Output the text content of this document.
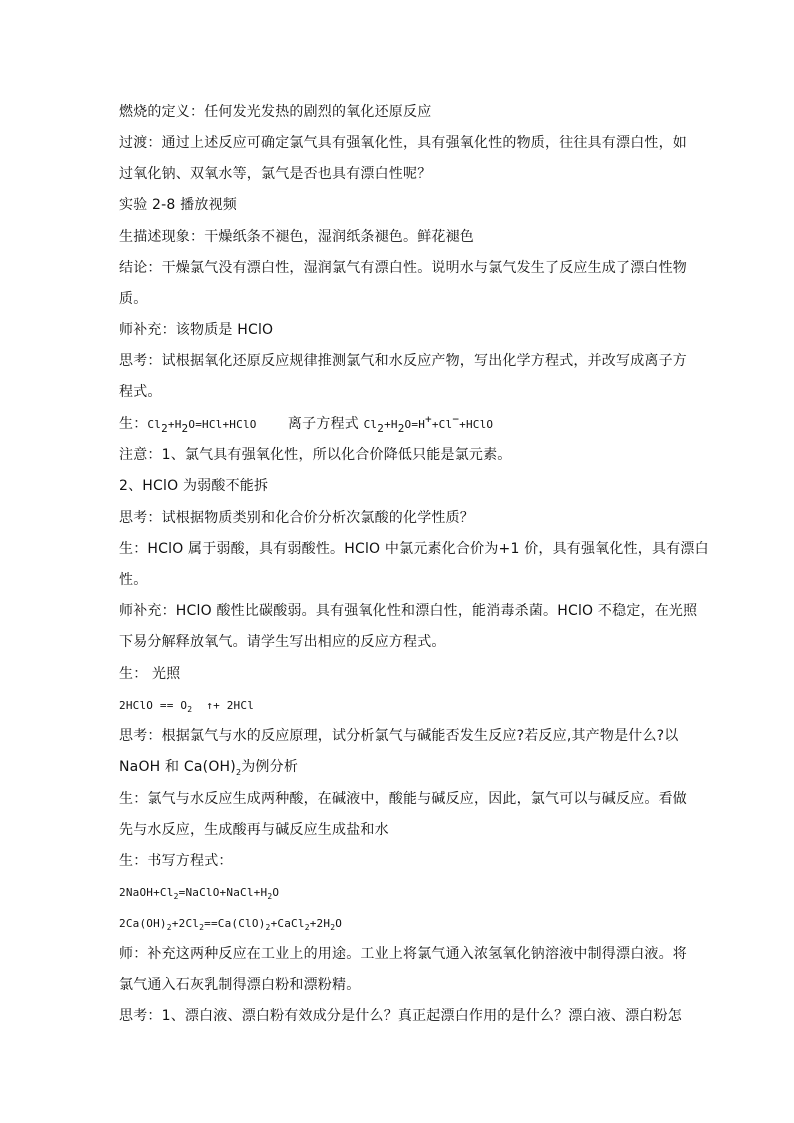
燃烧的定义：任何发光发热的剧烈的氧化还原反应
过渡：通过上述反应可确定氯气具有强氧化性，具有强氧化性的物质，往往具有漂白性，如
过氧化钠、双氧水等，氯气是否也具有漂白性呢？
实验 2-8 播放视频
生描述现象：干燥纸条不褪色，湿润纸条褪色。鲜花褪色
结论：干燥氯气没有漂白性，湿润氯气有漂白性。说明水与氯气发生了反应生成了漂白性物
质。
师补充：该物质是 HClO
思考：试根据氧化还原反应规律推测氯气和水反应产物，写出化学方程式，并改写成离子方
程式。
生：$Cl_2+H_2O=HCl+HClO$ 离子方程式 $Cl_2+H_2O=H^++Cl^-+HClO$
注意：1、氯气具有强氧化性，所以化合价降低只能是氯元素。
2、HClO 为弱酸不能拆
思考：试根据物质类别和化合价分析次氯酸的化学性质？
生：HClO 属于弱酸，具有弱酸性。HClO 中氯元素化合价为+1 价，具有强氧化性，具有漂白
性。
师补充：HClO 酸性比碳酸弱。具有强氧化性和漂白性，能消毒杀菌。HClO 不稳定，在光照
下易分解释放氧气。请学生写出相应的反应方程式。
生： 光照
2HClO == $O_2$ ↑+ 2HCl
思考：根据氯气与水的反应原理，试分析氯气与碱能否发生反应?若反应,其产物是什么?以
NaOH 和 $Ca(OH)_2$为例分析
生：氯气与水反应生成两种酸，在碱液中，酸能与碱反应，因此，氯气可以与碱反应。看做
先与水反应，生成酸再与碱反应生成盐和水
生：书写方程式：
$2NaOH+Cl_2=NaClO+NaCl+H_2O$
$2Ca(OH)_2+2Cl_2==Ca(ClO)_2+CaCl_2+2H_2O$
师：补充这两种反应在工业上的用途。工业上将氯气通入浓氢氧化钠溶液中制得漂白液。将
氯气通入石灰乳制得漂白粉和漂粉精。
思考：1、漂白液、漂白粉有效成分是什么？真正起漂白作用的是什么？漂白液、漂白粉怎
